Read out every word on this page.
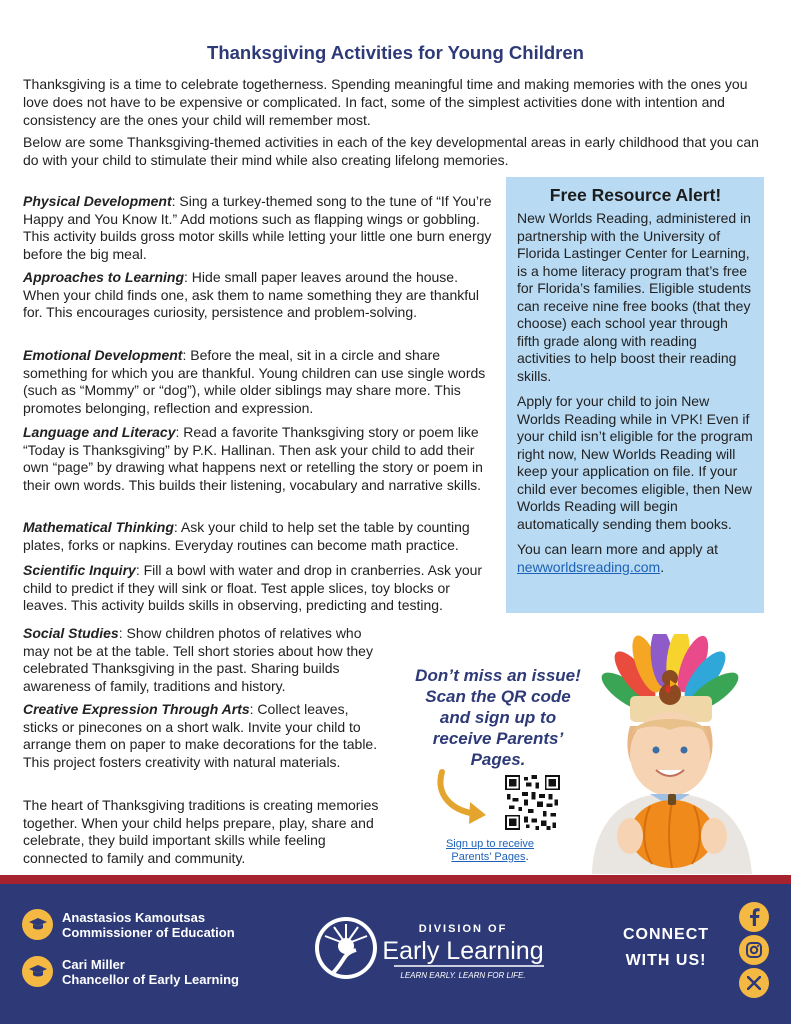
Thanksgiving Activities for Young Children

Thanksgiving is a time to celebrate togetherness. Spending meaningful time and making memories with the ones you love does not have to be expensive or complicated. In fact, some of the simplest activities done with intention and consistency are the ones your child will remember most.

Below are some Thanksgiving-themed activities in each of the key developmental areas in early childhood that you can do with your child to stimulate their mind while also creating lifelong memories.

Physical Development: Sing a turkey-themed song to the tune of “If You’re Happy and You Know It.” Add motions such as flapping wings or gobbling. This activity builds gross motor skills while letting your little one burn energy before the big meal.

Approaches to Learning: Hide small paper leaves around the house. When your child finds one, ask them to name something they are thankful for. This encourages curiosity, persistence and problem-solving.

Emotional Development: Before the meal, sit in a circle and share something for which you are thankful. Young children can use single words (such as “Mommy” or “dog”), while older siblings may share more. This promotes belonging, reflection and expression.

Language and Literacy: Read a favorite Thanksgiving story or poem like “Today is Thanksgiving” by P.K. Hallinan. Then ask your child to add their own “page” by drawing what happens next or retelling the story or poem in their own words. This builds their listening, vocabulary and narrative skills.

Mathematical Thinking: Ask your child to help set the table by counting plates, forks or napkins. Everyday routines can become math practice.

Scientific Inquiry: Fill a bowl with water and drop in cranberries. Ask your child to predict if they will sink or float. Test apple slices, toy blocks or leaves. This activity builds skills in observing, predicting and testing.

Social Studies: Show children photos of relatives who may not be at the table. Tell short stories about how they celebrated Thanksgiving in the past. Sharing builds awareness of family, traditions and history.

Creative Expression Through Arts: Collect leaves, sticks or pinecones on a short walk. Invite your child to arrange them on paper to make decorations for the table. This project fosters creativity with natural materials.

The heart of Thanksgiving traditions is creating memories together. When your child helps prepare, play, share and celebrate, they build important skills while feeling connected to family and community.

Free Resource Alert!

New Worlds Reading, administered in partnership with the University of Florida Lastinger Center for Learning, is a home literacy program that’s free for Florida’s families. Eligible students can receive nine free books (that they choose) each school year through fifth grade along with reading activities to help boost their reading skills.

Apply for your child to join New Worlds Reading while in VPK! Even if your child isn’t eligible for the program right now, New Worlds Reading will keep your application on file. If your child ever becomes eligible, then New Worlds Reading will begin automatically sending them books.

You can learn more and apply at newworldsreading.com.

Don’t miss an issue!
Scan the QR code
and sign up to
receive Parents’
Pages.
Sign up to receive Parents’ Pages.
Anastasios Kamoutsas
Commissioner of Education
Cari Miller
Chancellor of Early Learning
DIVISION OF
Early Learning
LEARN EARLY. LEARN FOR LIFE.
CONNECT
WITH US!
